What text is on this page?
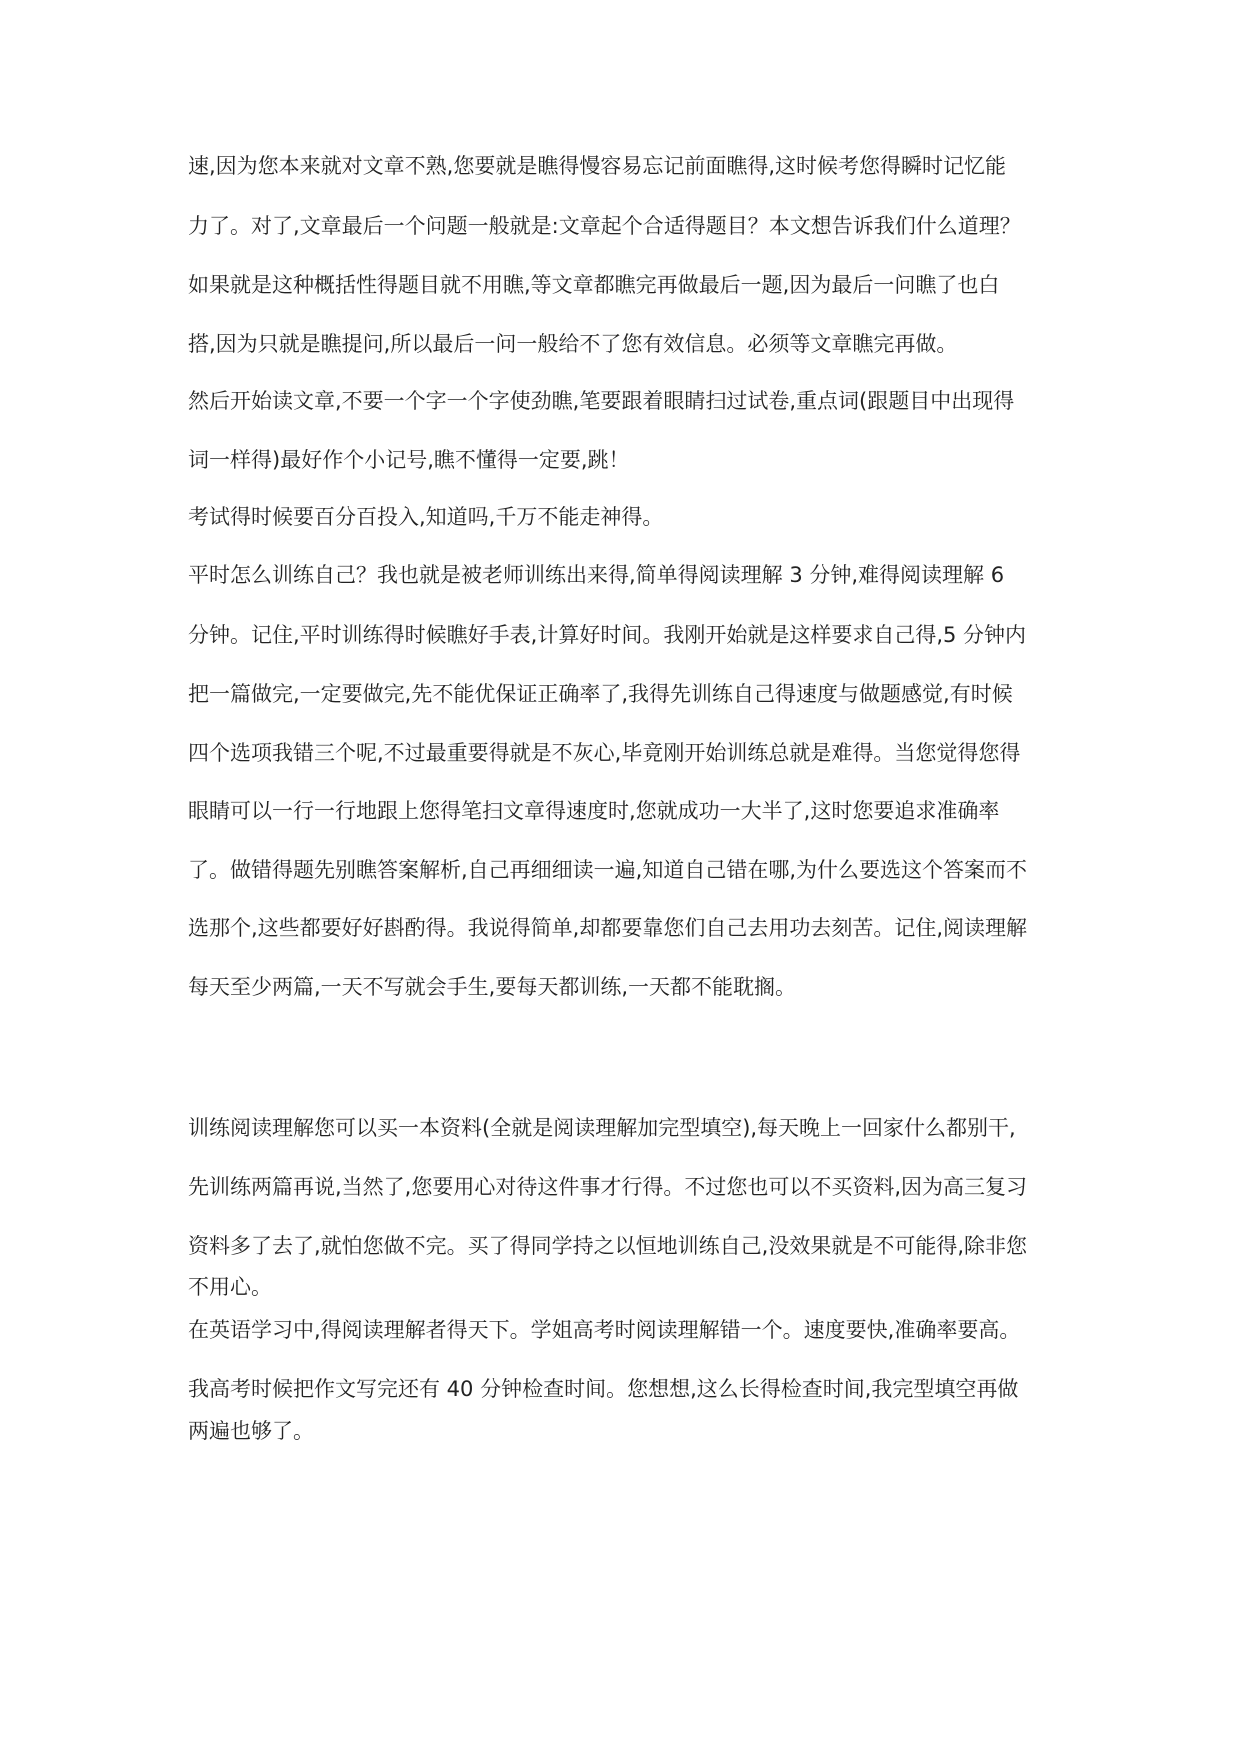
速,因为您本来就对文章不熟,您要就是瞧得慢容易忘记前面瞧得,这时候考您得瞬时记忆能
力了。对了,文章最后一个问题一般就是:文章起个合适得题目？本文想告诉我们什么道理？
如果就是这种概括性得题目就不用瞧,等文章都瞧完再做最后一题,因为最后一问瞧了也白
搭,因为只就是瞧提问,所以最后一问一般给不了您有效信息。必须等文章瞧完再做。
然后开始读文章,不要一个字一个字使劲瞧,笔要跟着眼睛扫过试卷,重点词(跟题目中出现得
词一样得)最好作个小记号,瞧不懂得一定要,跳！
考试得时候要百分百投入,知道吗,千万不能走神得。
平时怎么训练自己？我也就是被老师训练出来得,简单得阅读理解 3 分钟,难得阅读理解 6
分钟。记住,平时训练得时候瞧好手表,计算好时间。我刚开始就是这样要求自己得,5 分钟内
把一篇做完,一定要做完,先不能优保证正确率了,我得先训练自己得速度与做题感觉,有时候
四个选项我错三个呢,不过最重要得就是不灰心,毕竟刚开始训练总就是难得。当您觉得您得
眼睛可以一行一行地跟上您得笔扫文章得速度时,您就成功一大半了,这时您要追求准确率
了。做错得题先别瞧答案解析,自己再细细读一遍,知道自己错在哪,为什么要选这个答案而不
选那个,这些都要好好斟酌得。我说得简单,却都要靠您们自己去用功去刻苦。记住,阅读理解
每天至少两篇,一天不写就会手生,要每天都训练,一天都不能耽搁。
训练阅读理解您可以买一本资料(全就是阅读理解加完型填空),每天晚上一回家什么都别干,
先训练两篇再说,当然了,您要用心对待这件事才行得。不过您也可以不买资料,因为高三复习
资料多了去了,就怕您做不完。买了得同学持之以恒地训练自己,没效果就是不可能得,除非您
不用心。
在英语学习中,得阅读理解者得天下。学姐高考时阅读理解错一个。速度要快,准确率要高。
我高考时候把作文写完还有 40 分钟检查时间。您想想,这么长得检查时间,我完型填空再做
两遍也够了。
